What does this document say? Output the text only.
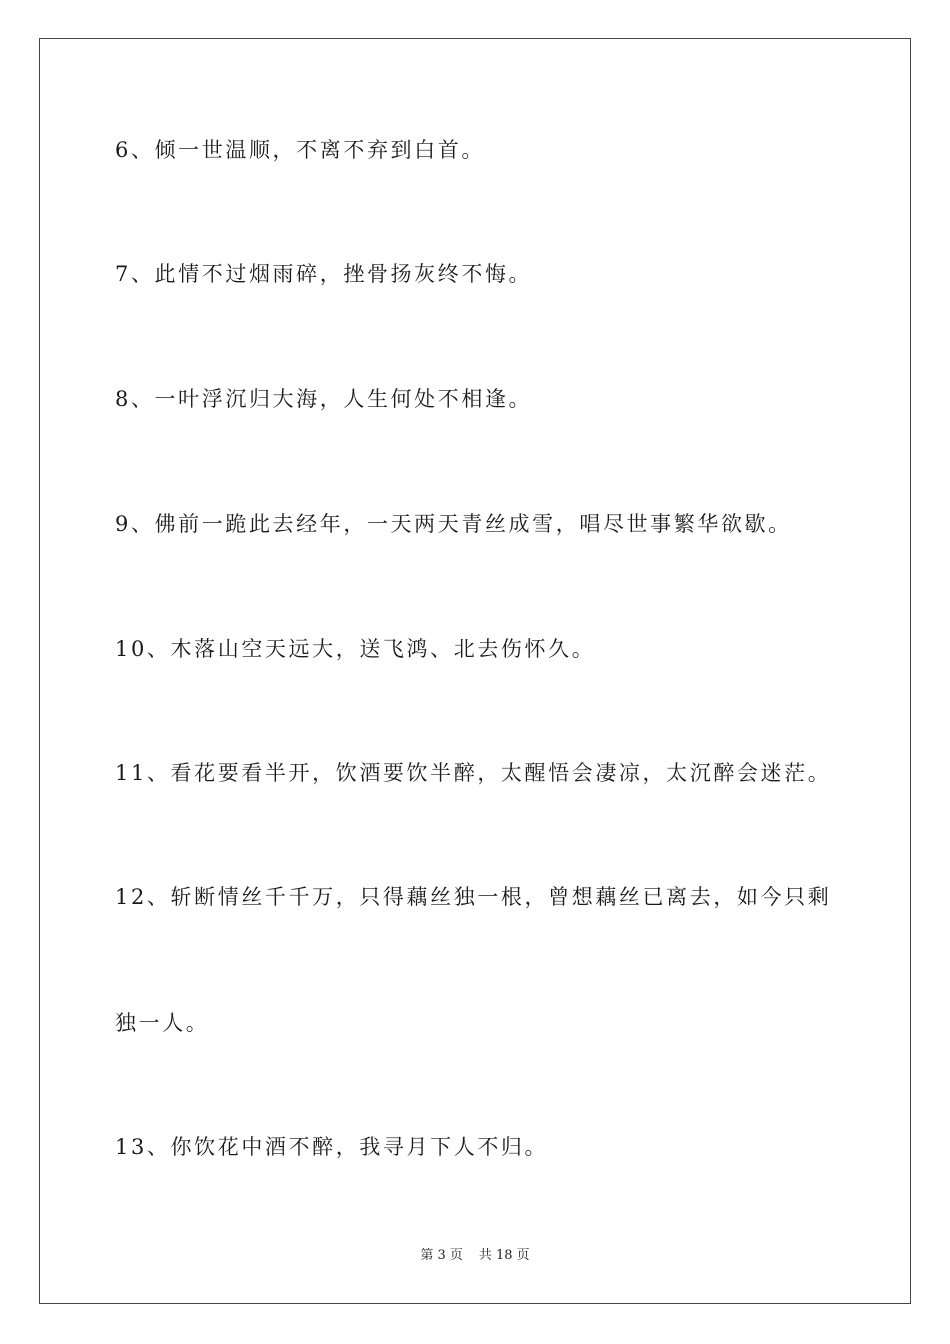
6、倾一世温顺，不离不弃到白首。

7、此情不过烟雨碎，挫骨扬灰终不悔。

8、一叶浮沉归大海，人生何处不相逢。

9、佛前一跪此去经年，一天两天青丝成雪，唱尽世事繁华欲歇。

10、木落山空天远大，送飞鸿、北去伤怀久。

11、看花要看半开，饮酒要饮半醉，太醒悟会凄凉，太沉醉会迷茫。

12、斩断情丝千千万，只得藕丝独一根，曾想藕丝已离去，如今只剩

独一人。

13、你饮花中酒不醉，我寻月下人不归。

第 3 页 共 18 页
